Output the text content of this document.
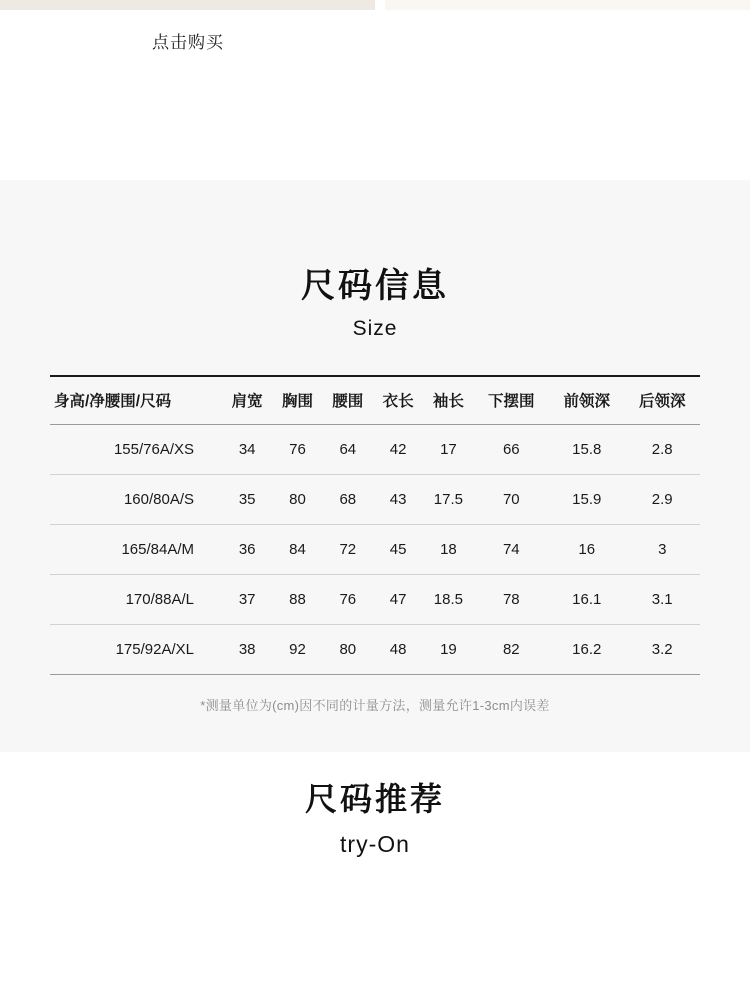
点击购买
尺码信息
Size
身高/净腰围/尺码	肩宽	胸围	腰围	衣长	袖长	下摆围	前领深	后领深
155/76A/XS	34	76	64	42	17	66	15.8	2.8
160/80A/S	35	80	68	43	17.5	70	15.9	2.9
165/84A/M	36	84	72	45	18	74	16	3
170/88A/L	37	88	76	47	18.5	78	16.1	3.1
175/92A/XL	38	92	80	48	19	82	16.2	3.2
*测量单位为(cm)因不同的计量方法，测量允许1-3cm内误差
尺码推荐
try-On
